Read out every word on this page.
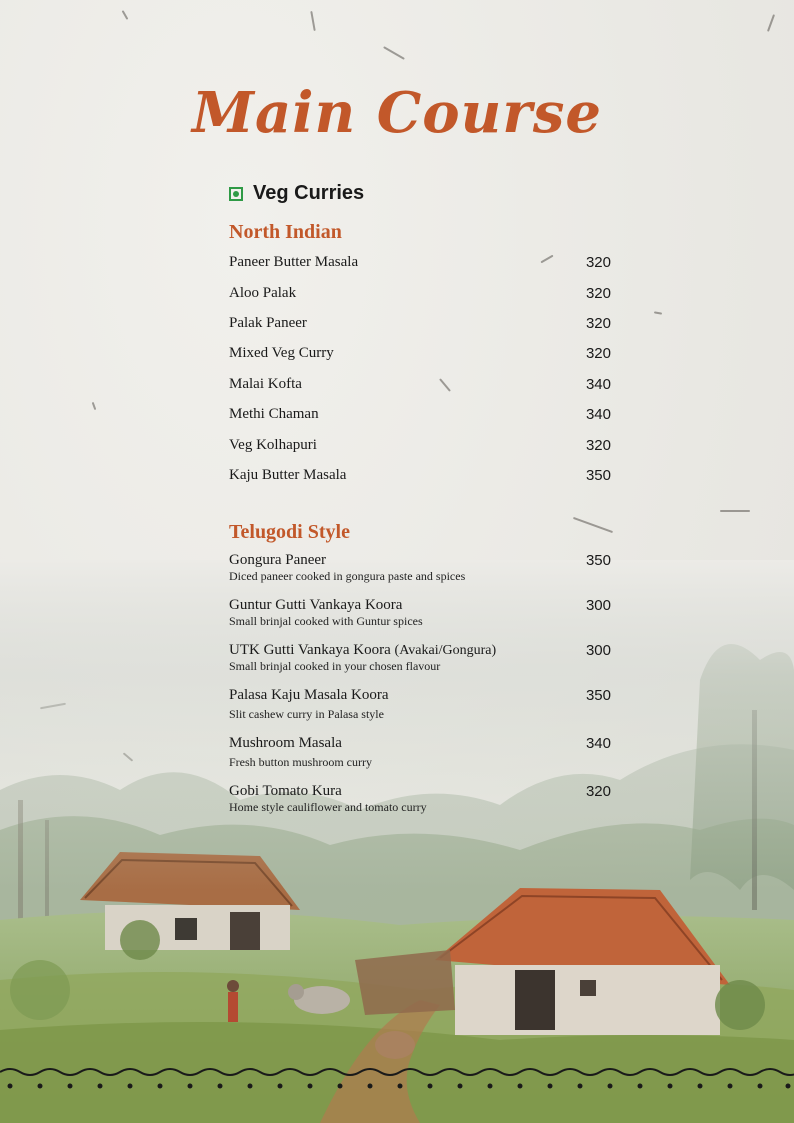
Main Course
Veg Curries
North Indian
Paneer Butter Masala	320
Aloo Palak	320
Palak Paneer	320
Mixed Veg Curry	320
Malai Kofta	340
Methi Chaman	340
Veg Kolhapuri	320
Kaju Butter Masala	350
Telugodi Style
Gongura Paneer	350
Diced paneer cooked in gongura paste and spices
Guntur Gutti Vankaya Koora	300
Small brinjal cooked with Guntur spices
UTK Gutti Vankaya Koora (Avakai/Gongura)	300
Small brinjal cooked in your chosen flavour
Palasa Kaju Masala Koora	350
Slit cashew curry in Palasa style
Mushroom Masala	340
Fresh button mushroom curry
Gobi Tomato Kura	320
Home style cauliflower and tomato curry
